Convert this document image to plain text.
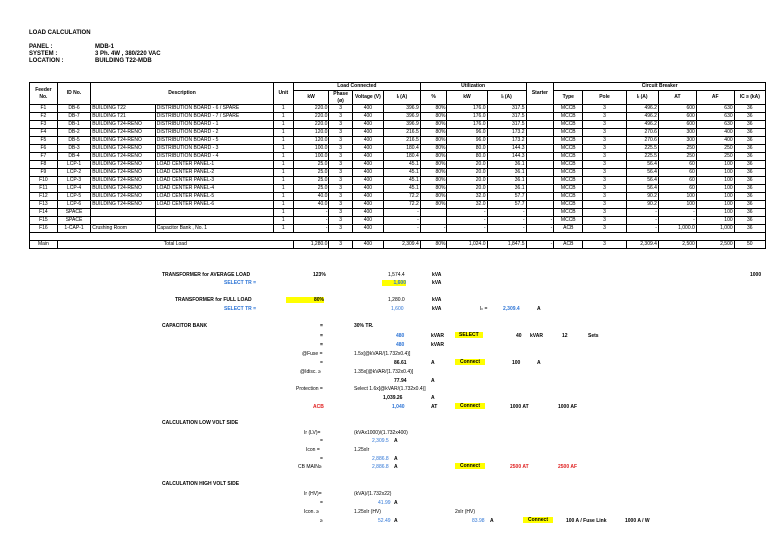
LOAD CALCULATION
PANEL :	MDB-1
SYSTEM :	3 Ph. 4W , 380/220 VAC
LOCATION :	BUILDING T22-MDB
Feeder No.	ID No.	Description		Unit	Load Connected				Utilization			Starter	Circuit Breaker					
					kW	Phase (ø)	Voltage (V)	Iₗ (A)	%	kW	Iₗ (A)		Type	Pole	Iₗ (A)	AT	AF	IC ≥ (kA)

F1	DB-6	BUILDING T22	DISTRIBUTION BOARD - 6 / SPARE	1	220.0	3	400	396.9	80%	176.0	317.5		MCCB	3	496.2	600	630	36
F2	DB-7	BUILDING T21	DISTRIBUTION BOARD - 7 / SPARE	1	220.0	3	400	396.9	80%	176.0	317.5		MCCB	3	496.2	600	630	36
F3	DB-1	BUILDING T24-RENO	DISTRIBUTION BOARD - 1	1	220.0	3	400	396.9	80%	176.0	317.5		MCCB	3	496.2	600	630	36
F4	DB-2	BUILDING T24-RENO	DISTRIBUTION BOARD - 2	1	120.0	3	400	216.5	80%	96.0	173.2		MCCB	3	270.6	300	400	36
F5	DB-5	BUILDING T24-RENO	DISTRIBUTION BOARD - 5	1	120.0	3	400	216.5	80%	96.0	173.2		MCCB	3	270.6	300	400	36
F6	DB-3	BUILDING T24-RENO	DISTRIBUTION BOARD - 3	1	100.0	3	400	180.4	80%	80.0	144.3		MCCB	3	225.5	250	250	36
F7	DB-4	BUILDING T24-RENO	DISTRIBUTION BOARD - 4	1	100.0	3	400	180.4	80%	80.0	144.3		MCCB	3	225.5	250	250	36
F8	LCP-1	BUILDING T24-RENO	LOAD CENTER PANEL-1	1	25.0	3	400	45.1	80%	20.0	36.1		MCCB	3	56.4	60	100	36
F9	LCP-2	BUILDING T24-RENO	LOAD CENTER PANEL-2	1	25.0	3	400	45.1	80%	20.0	36.1		MCCB	3	56.4	60	100	36
F10	LCP-3	BUILDING T24-RENO	LOAD CENTER PANEL-3	1	25.0	3	400	45.1	80%	20.0	36.1		MCCB	3	56.4	60	100	36
F11	LCP-4	BUILDING T24-RENO	LOAD CENTER PANEL-4	1	25.0	3	400	45.1	80%	20.0	36.1		MCCB	3	56.4	60	100	36
F12	LCP-5	BUILDING T24-RENO	LOAD CENTER PANEL-5	1	40.0	3	400	72.2	80%	32.0	57.7		MCCB	3	90.2	100	100	36
F13	LCP-6	BUILDING T24-RENO	LOAD CENTER PANEL-6	1	40.0	3	400	72.2	80%	32.0	57.7		MCCB	3	90.2	100	100	36
F14	SPACE			1	-	3	400	-		-	-		MCCB	3	-	-	100	36
F15	SPACE			1	-	3	400	-		-	-	-	MCCB	3	-	-	100	36
F16	1-CAP-1	Crushing Room	Capacitor Bank , No. 1	1	-	3	400	-	-	-	-	-	ACB	3	-	1,000.0	1,000	36

Main	Total Load				1,280.0	3	400	2,309.4	80%	1,024.0	1,847.5	-	ACB	3	2,309.4	2,500	2,500	50
TRANSFORMER for AVERAGE LOAD	123%	1,574.4	kVA	1000
SELECT TR =	1,600	kVA
TRANSFORMER for FULL LOAD	80%	1,280.0	kVA
SELECT TR =	1,600	kVA	Iₗₗ =	2,309.4	A
CAPACITOR BANK	=	30% TR.
=	480	kVAR	SELECT	40 kVAR	12	Sets
=	480	kVAR
@Fuse =	1.5x[@kVAR/(1.732x0.4)]
=	86.61	A	Connect	100	A
@Idisc. ≥	1.35x[@kVAR/(1.732x0.4)]
77.94	A
Protection =	Select 1.6x[@kVAR/(1.732x0.4)]
1,039.26	A
ACB	1,040	AT	Connect	1000 AT	1000 AF
CALCULATION LOW VOLT SIDE
Ir (LV)=	(kVAx1000)/(1.732x400)
=	2,309.5 A
Icon =	1.25xIr
=	2,886.8 A
CB MAIN≥	2,886.8 A	Connect	2500 AT	2500 AF
CALCULATION HIGH VOLT SIDE
Ir (HV)=	(kVA)/(1.732x22)
=	41.99 A
Icon. ≥	1.25xIr (HV)	2xIr (HV)
≥	52.49 A	83.98 A	Connect	100 A / Fuse Link	1000 A / W
